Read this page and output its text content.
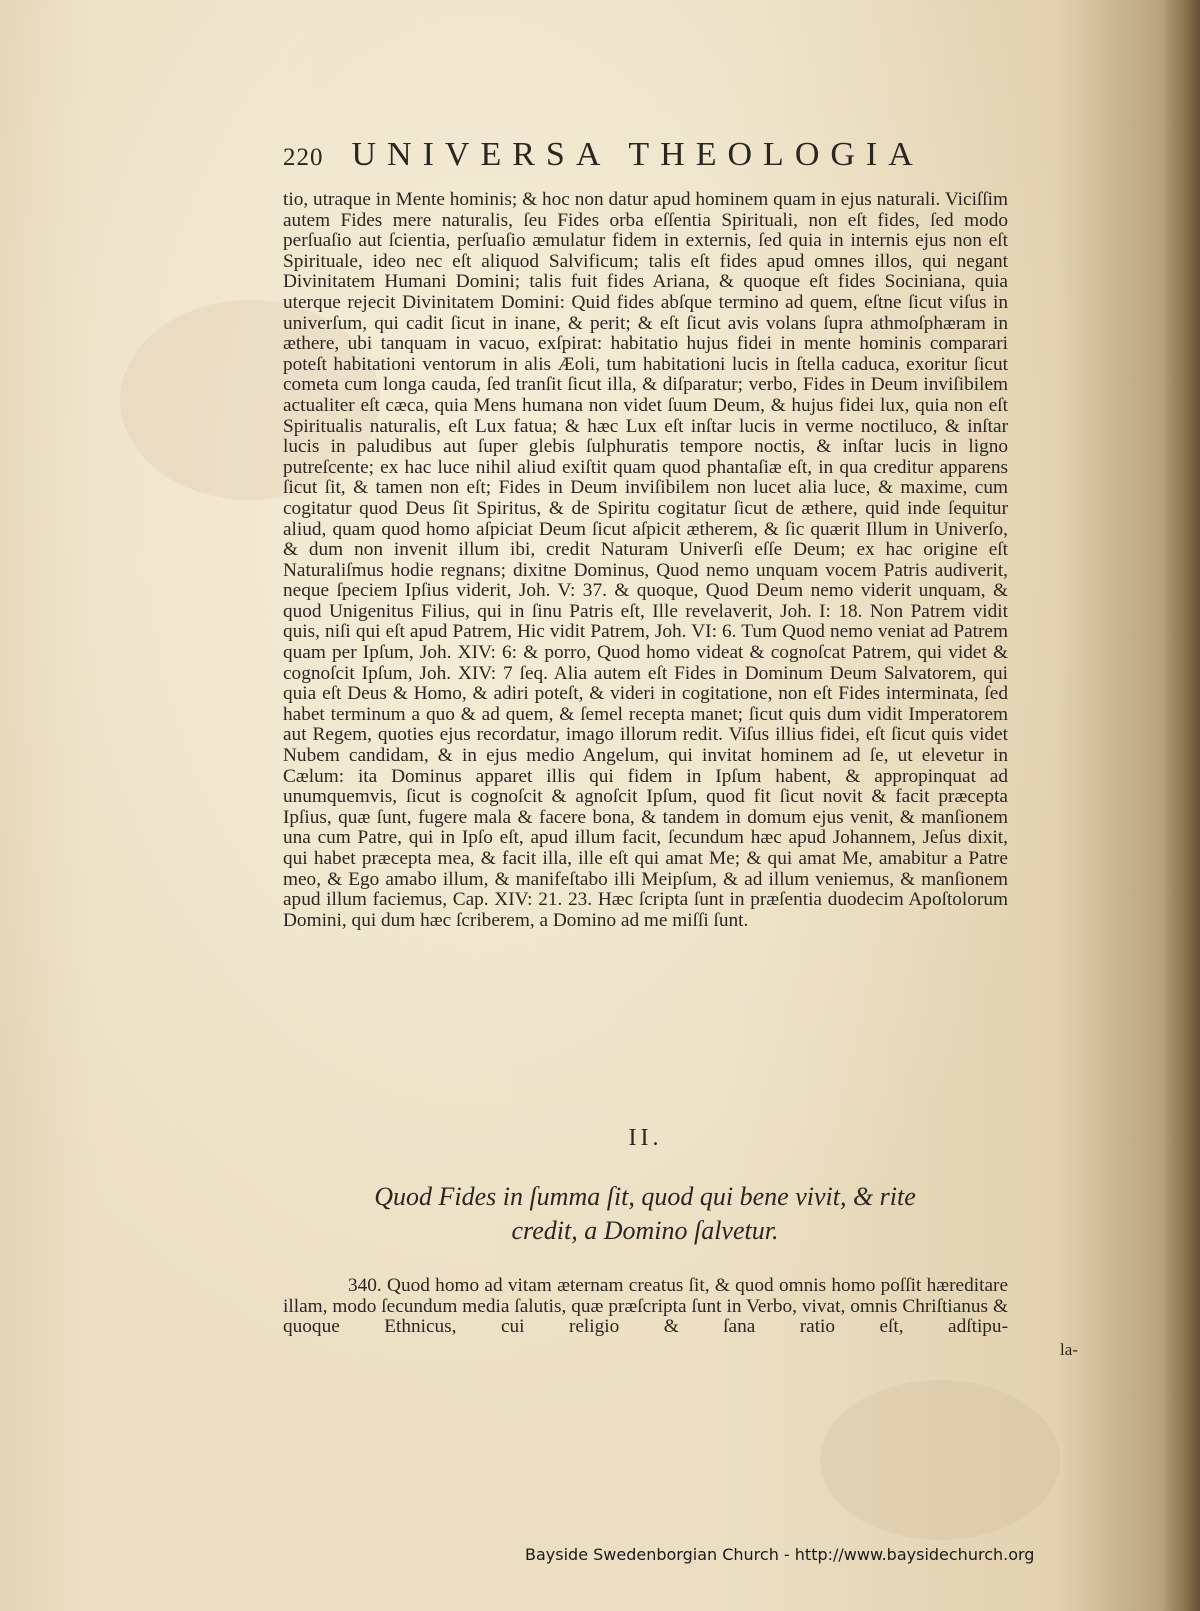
220 UNIVERSA THEOLOGIA
tio, utraque in Mente hominis; & hoc non datur apud hominem quam in ejus naturali. Viciſſim autem Fides mere naturalis, ſeu Fides orba eſſentia Spirituali, non eſt fides, ſed modo perſuaſio aut ſcientia, perſuaſio æmulatur fidem in externis, ſed quia in internis ejus non eſt Spirituale, ideo nec eſt aliquod Salvificum; talis eſt fides apud omnes illos, qui negant Divinitatem Humani Domini; talis fuit fides Ariana, & quoque eſt fides Sociniana, quia uterque rejecit Divinitatem Domini: Quid fides abſque termino ad quem, eſtne ſicut viſus in univerſum, qui cadit ſicut in inane, & perit; & eſt ſicut avis volans ſupra athmoſphæram in æthere, ubi tanquam in vacuo, exſpirat: habitatio hujus fidei in mente hominis comparari poteſt habitationi ventorum in alis Æoli, tum habitationi lucis in ſtella caduca, exoritur ſicut cometa cum longa cauda, ſed tranſit ſicut illa, & diſparatur; verbo, Fides in Deum inviſibilem actualiter eſt cæca, quia Mens humana non videt ſuum Deum, & hujus fidei lux, quia non eſt Spiritualis naturalis, eſt Lux fatua; & hæc Lux eſt inſtar lucis in verme noctiluco, & inſtar lucis in paludibus aut ſuper glebis ſulphuratis tempore noctis, & inſtar lucis in ligno putreſcente; ex hac luce nihil aliud exiſtit quam quod phantaſiæ eſt, in qua creditur apparens ſicut ſit, & tamen non eſt; Fides in Deum inviſibilem non lucet alia luce, & maxime, cum cogitatur quod Deus ſit Spiritus, & de Spiritu cogitatur ſicut de æthere, quid inde ſequitur aliud, quam quod homo aſpiciat Deum ſicut aſpicit ætherem, & ſic quærit Illum in Univerſo, & dum non invenit illum ibi, credit Naturam Univerſi eſſe Deum; ex hac origine eſt Naturaliſmus hodie regnans; dixitne Dominus, Quod nemo unquam vocem Patris audiverit, neque ſpeciem Ipſius viderit, Joh. V: 37. & quoque, Quod Deum nemo viderit unquam, & quod Unigenitus Filius, qui in ſinu Patris eſt, Ille revelaverit, Joh. I: 18. Non Patrem vidit quis, niſi qui eſt apud Patrem, Hic vidit Patrem, Joh. VI: 6. Tum Quod nemo veniat ad Patrem quam per Ipſum, Joh. XIV: 6: & porro, Quod homo videat & cognoſcat Patrem, qui videt & cognoſcit Ipſum, Joh. XIV: 7 ſeq. Alia autem eſt Fides in Dominum Deum Salvatorem, qui quia eſt Deus & Homo, & adiri poteſt, & videri in cogitatione, non eſt Fides interminata, ſed habet terminum a quo & ad quem, & ſemel recepta manet; ſicut quis dum vidit Imperatorem aut Regem, quoties ejus recordatur, imago illorum redit. Viſus illius fidei, eſt ſicut quis videt Nubem candidam, & in ejus medio Angelum, qui invitat hominem ad ſe, ut elevetur in Cælum: ita Dominus apparet illis qui fidem in Ipſum habent, & appropinquat ad unumquemvis, ſicut is cognoſcit & agnoſcit Ipſum, quod fit ſicut novit & facit præcepta Ipſius, quæ ſunt, fugere mala & facere bona, & tandem in domum ejus venit, & manſionem una cum Patre, qui in Ipſo eſt, apud illum facit, ſecundum hæc apud Johannem, Jeſus dixit, qui habet præcepta mea, & facit illa, ille eſt qui amat Me; & qui amat Me, amabitur a Patre meo, & Ego amabo illum, & manifeſtabo illi Meipſum, & ad illum veniemus, & manſionem apud illum faciemus, Cap. XIV: 21. 23. Hæc ſcripta ſunt in præſentia duodecim Apoſtolorum Domini, qui dum hæc ſcriberem, a Domino ad me miſſi ſunt.
II.
Quod Fides in ſumma ſit, quod qui bene vivit, & rite
credit, a Domino ſalvetur.
340. Quod homo ad vitam æternam creatus ſit, & quod omnis homo poſſit hæreditare illam, modo ſecundum media ſalutis, quæ præſcripta ſunt in Verbo, vivat, omnis Chriſtianus & quoque Ethnicus, cui religio & ſana ratio eſt, adſtipu-
la-
Bayside Swedenborgian Church - http://www.baysidechurch.org
